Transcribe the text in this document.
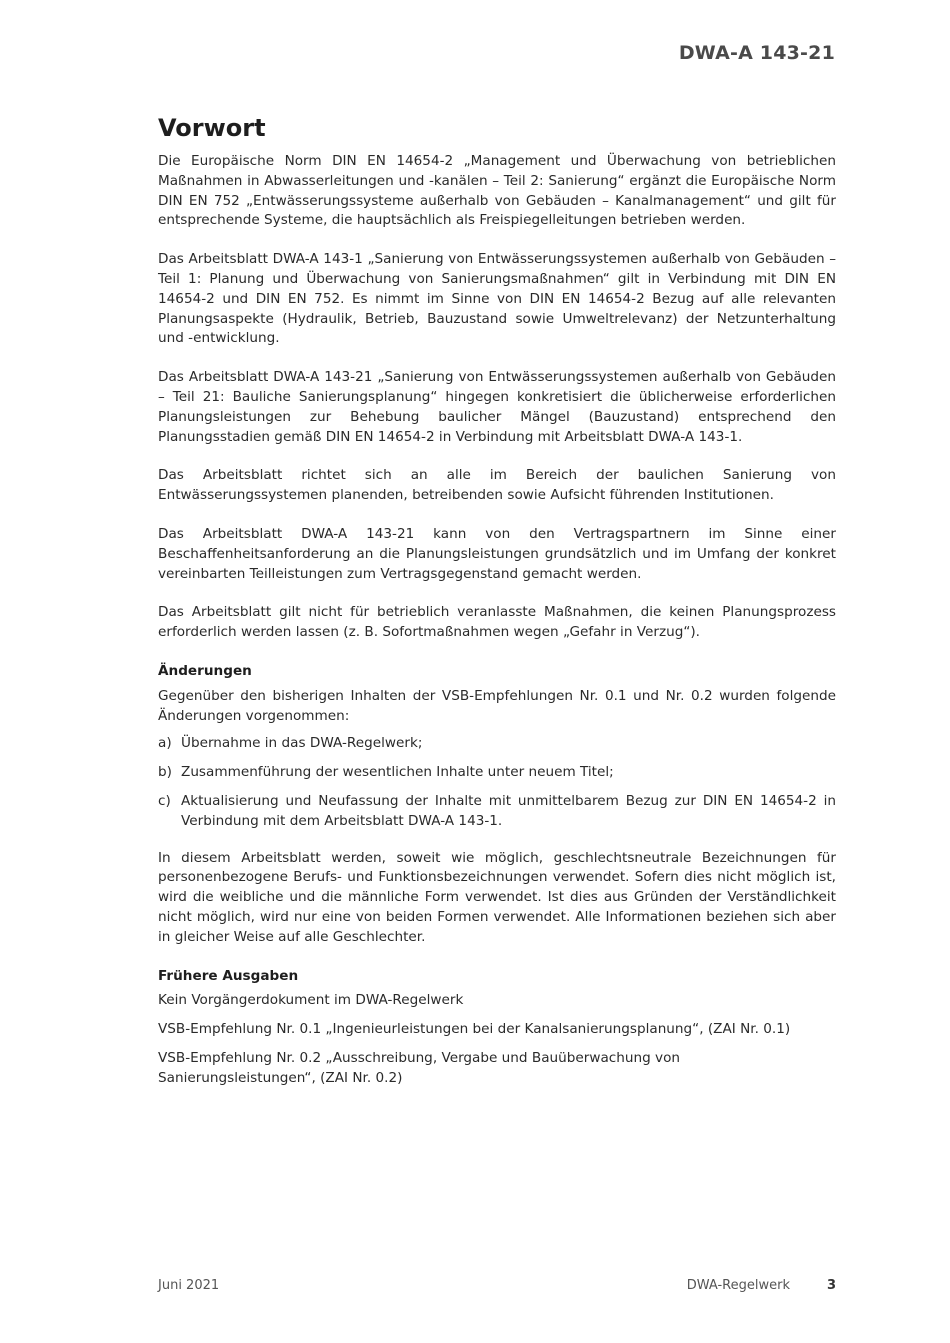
DWA-A 143-21
Vorwort

Die Europäische Norm DIN EN 14654-2 „Management und Überwachung von betrieblichen Maßnahmen in Abwasserleitungen und -kanälen – Teil 2: Sanierung“ ergänzt die Europäische Norm DIN EN 752 „Entwässerungssysteme außerhalb von Gebäuden – Kanalmanagement“ und gilt für entsprechende Systeme, die hauptsächlich als Freispiegelleitungen betrieben werden.

Das Arbeitsblatt DWA-A 143-1 „Sanierung von Entwässerungssystemen außerhalb von Gebäuden – Teil 1: Planung und Überwachung von Sanierungsmaßnahmen“ gilt in Verbindung mit DIN EN 14654-2 und DIN EN 752. Es nimmt im Sinne von DIN EN 14654-2 Bezug auf alle relevanten Planungsaspekte (Hydraulik, Betrieb, Bauzustand sowie Umweltrelevanz) der Netzunterhaltung und -entwicklung.

Das Arbeitsblatt DWA-A 143-21 „Sanierung von Entwässerungssystemen außerhalb von Gebäuden – Teil 21: Bauliche Sanierungsplanung“ hingegen konkretisiert die üblicherweise erforderlichen Planungsleistungen zur Behebung baulicher Mängel (Bauzustand) entsprechend den Planungsstadien gemäß DIN EN 14654-2 in Verbindung mit Arbeitsblatt DWA-A 143-1.

Das Arbeitsblatt richtet sich an alle im Bereich der baulichen Sanierung von Entwässerungssystemen planenden, betreibenden sowie Aufsicht führenden Institutionen.

Das Arbeitsblatt DWA-A 143-21 kann von den Vertragspartnern im Sinne einer Beschaffenheitsanforderung an die Planungsleistungen grundsätzlich und im Umfang der konkret vereinbarten Teilleistungen zum Vertragsgegenstand gemacht werden.

Das Arbeitsblatt gilt nicht für betrieblich veranlasste Maßnahmen, die keinen Planungsprozess erforderlich werden lassen (z. B. Sofortmaßnahmen wegen „Gefahr in Verzug“).

Änderungen

Gegenüber den bisherigen Inhalten der VSB-Empfehlungen Nr. 0.1 und Nr. 0.2 wurden folgende Änderungen vorgenommen:

a) Übernahme in das DWA-Regelwerk;
b) Zusammenführung der wesentlichen Inhalte unter neuem Titel;
c) Aktualisierung und Neufassung der Inhalte mit unmittelbarem Bezug zur DIN EN 14654-2 in Verbindung mit dem Arbeitsblatt DWA-A 143-1.

In diesem Arbeitsblatt werden, soweit wie möglich, geschlechtsneutrale Bezeichnungen für personenbezogene Berufs- und Funktionsbezeichnungen verwendet. Sofern dies nicht möglich ist, wird die weibliche und die männliche Form verwendet. Ist dies aus Gründen der Verständlichkeit nicht möglich, wird nur eine von beiden Formen verwendet. Alle Informationen beziehen sich aber in gleicher Weise auf alle Geschlechter.

Frühere Ausgaben

Kein Vorgängerdokument im DWA-Regelwerk

VSB-Empfehlung Nr. 0.1 „Ingenieurleistungen bei der Kanalsanierungsplanung“, (ZAI Nr. 0.1)

VSB-Empfehlung Nr. 0.2 „Ausschreibung, Vergabe und Bauüberwachung von Sanierungsleistungen“, (ZAI Nr. 0.2)

Juni 2021	DWA-Regelwerk	3
